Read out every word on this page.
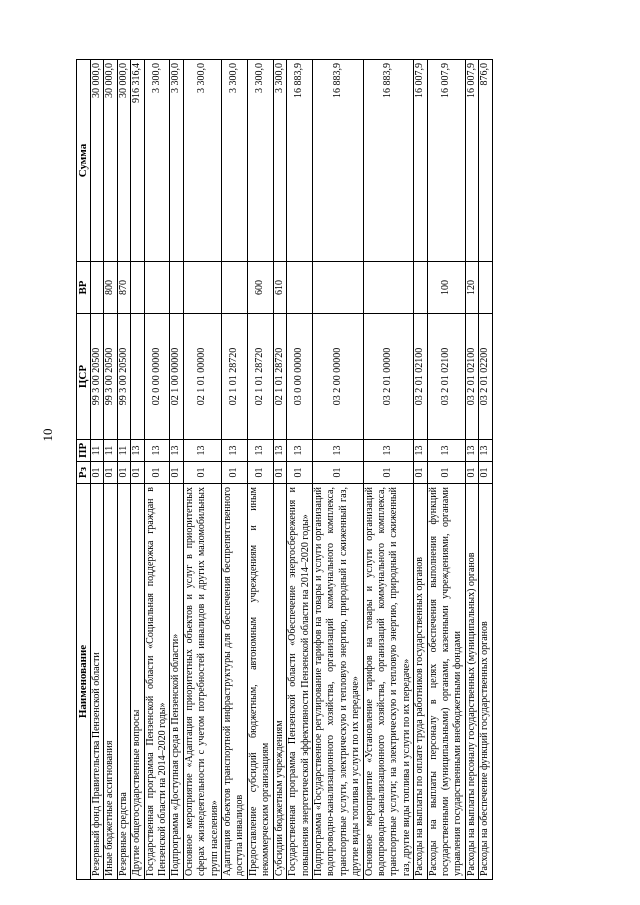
10
Наименование	Рз	ПР	ЦСР	ВР	Сумма
Резервный фонд Правительства Пензенской области	01	11	99 3 00 20500		30 000,0
Иные бюджетные ассигнования	01	11	99 3 00 20500	800	30 000,0
Резервные средства	01	11	99 3 00 20500	870	30 000,0
Другие общегосударственные вопросы	01	13			916 316,4
Государственная программа Пензенской области «Социальная поддержка граждан в Пензенской области на 2014–2020 годы»	01	13	02 0 00 00000		3 300,0
Подпрограмма «Доступная среда в Пензенской области»	01	13	02 1 00 00000		3 300,0
Основное мероприятие «Адаптация приоритетных объектов и услуг в приоритетных сферах жизнедеятельности с учетом потребностей инвалидов и других маломобильных групп населения»	01	13	02 1 01 00000		3 300,0
Адаптация объектов транспортной инфраструктуры для обеспечения беспрепятственного доступа инвалидов	01	13	02 1 01 28720		3 300,0
Предоставление субсидий бюджетным, автономным учреждениям и иным некоммерческим организациям	01	13	02 1 01 28720	600	3 300,0
Субсидии бюджетным учреждениям	01	13	02 1 01 28720	610	3 300,0
Государственная программа Пензенской области «Обеспечение энергосбережения и повышения энергетической эффективности Пензенской области на 2014–2020 годы»	01	13	03 0 00 00000		16 883,9
Подпрограмма «Государственное регулирование тарифов на товары и услуги организаций водопроводно-канализационного хозяйства, организаций коммунального комплекса, транспортные услуги, электрическую и тепловую энергию, природный и сжиженный газ, другие виды топлива и услуги по их передаче»	01	13	03 2 00 00000		16 883,9
Основное мероприятие «Установление тарифов на товары и услуги организаций водопроводно-канализационного хозяйства, организаций коммунального комплекса, транспортные услуги; на электрическую и тепловую энергию, природный и сжиженный газ, другие виды топлива и услуги по их передаче»	01	13	03 2 01 00000		16 883,9
Расходы на выплаты по оплате труда работников государственных органов	01	13	03 2 01 02100		16 007,9
Расходы на выплаты персоналу в целях обеспечения выполнения функций государственными (муниципальными) органами, казенными учреждениями, органами управления государственными внебюджетными фондами	01	13	03 2 01 02100	100	16 007,9
Расходы на выплаты персоналу государственных (муниципальных) органов	01	13	03 2 01 02100	120	16 007,9
Расходы на обеспечение функций государственных органов	01	13	03 2 01 02200		876,0
